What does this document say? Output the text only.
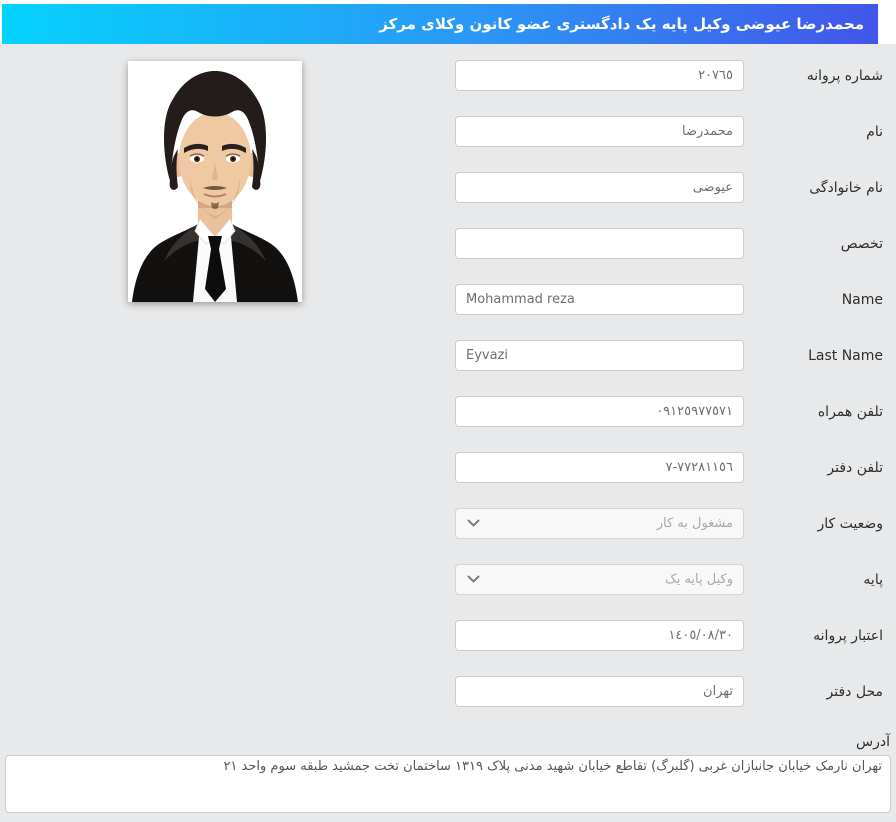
محمدرضا عیوضی وکیل پایه یک دادگستری عضو کانون وکلای مرکز
شماره پروانه
٢٠٧٦٥
نام
محمدرضا
نام خانوادگی
عیوضی
تخصص
Name
Mohammad reza
Last Name
Eyvazi
تلفن همراه
٠٩١٢٥٩٧٧٥٧١
تلفن دفتر
٧٧٢٨١١٥٦-٧
وضعیت کار
مشغول به کار
پایه
وکیل پایه یک
اعتبار پروانه
١٤٠٥/٠٨/٣٠
محل دفتر
تهران
آدرس
تهران نارمک خیابان جانبازان غربی (گلبرگ) تقاطع خیابان شهید مدنی پلاک ۱۳۱۹ ساختمان تخت جمشید طبقه سوم واحد ۲۱
